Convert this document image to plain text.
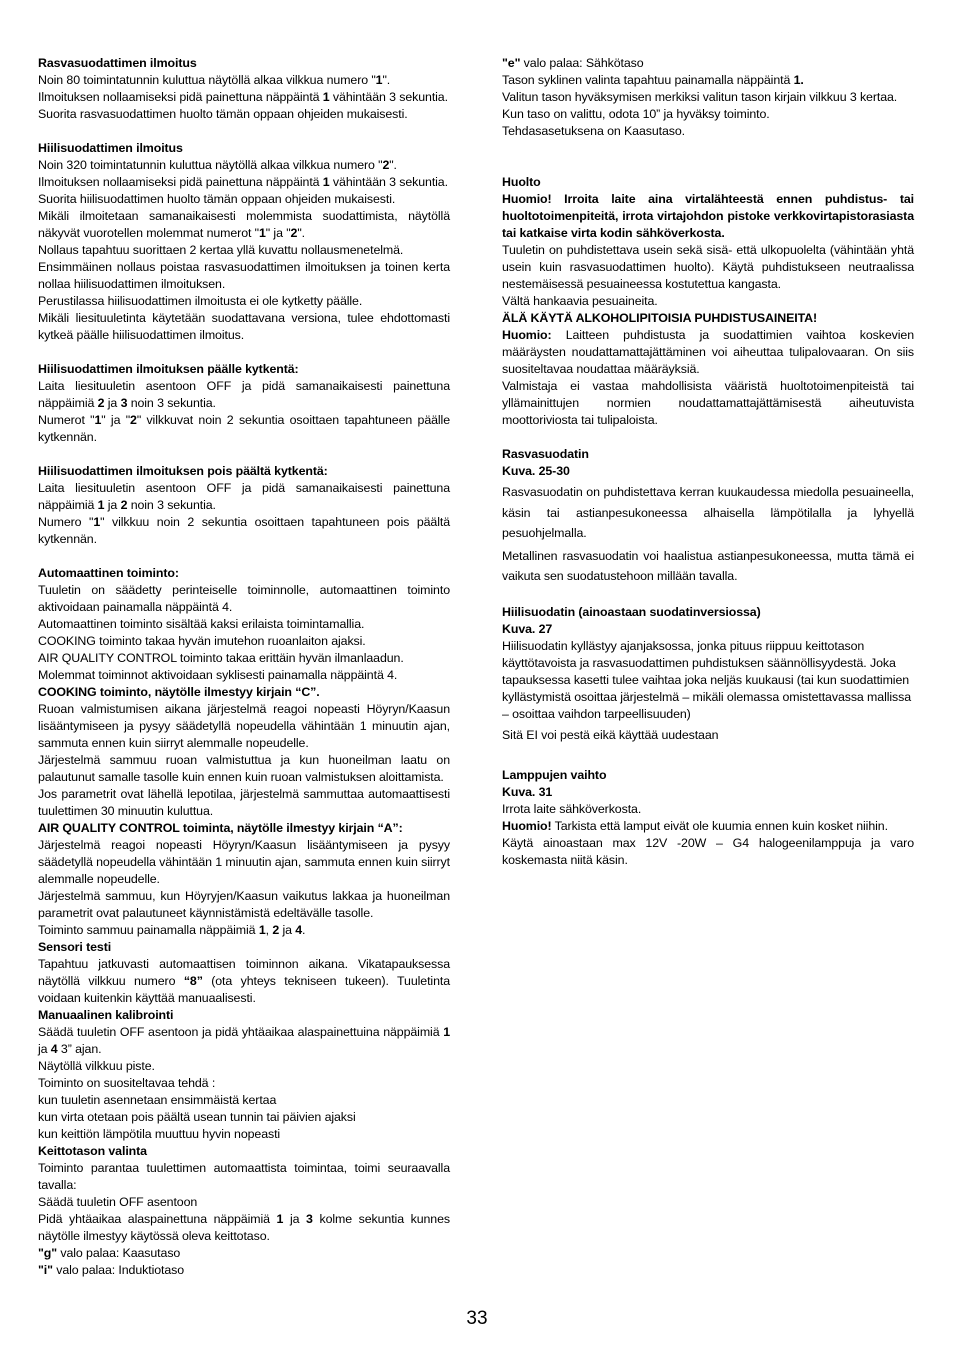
Rasvasuodattimen ilmoitus

Noin 80 toimintatunnin kuluttua näytöllä alkaa vilkkua numero "1".

Ilmoituksen nollaamiseksi pidä painettuna näppäintä 1 vähintään 3 sekuntia.

Suorita rasvasuodattimen huolto tämän oppaan ohjeiden mukaisesti.

Hiilisuodattimen ilmoitus

Noin 320 toimintatunnin kuluttua näytöllä alkaa vilkkua numero "2".

Ilmoituksen nollaamiseksi pidä painettuna näppäintä 1 vähintään 3 sekuntia.

Suorita hiilisuodattimen huolto tämän oppaan ohjeiden mukaisesti.

Mikäli ilmoitetaan samanaikaisesti molemmista suodattimista, näytöllä näkyvät vuorotellen molemmat numerot "1" ja "2".

Nollaus tapahtuu suorittaen 2 kertaa yllä kuvattu nollausmenetelmä.

Ensimmäinen nollaus poistaa rasvasuodattimen ilmoituksen ja toinen kerta nollaa hiilisuodattimen ilmoituksen.

Perustilassa hiilisuodattimen ilmoitusta ei ole kytketty päälle.

Mikäli liesituuletinta käytetään suodattavana versiona, tulee ehdottomasti kytkeä päälle hiilisuodattimen ilmoitus.

Hiilisuodattimen ilmoituksen päälle kytkentä:

Laita liesituuletin asentoon OFF ja pidä samanaikaisesti painettuna näppäimiä 2 ja 3 noin 3 sekuntia.

Numerot "1" ja "2" vilkkuvat noin 2 sekuntia osoittaen tapahtuneen päälle kytkennän.

Hiilisuodattimen ilmoituksen pois päältä kytkentä:

Laita liesituuletin asentoon OFF ja pidä samanaikaisesti painettuna näppäimiä 1 ja 2 noin 3 sekuntia.

Numero "1" vilkkuu noin 2 sekuntia osoittaen tapahtuneen pois päältä kytkennän.

Automaattinen toiminto:

Tuuletin on säädetty perinteiselle toiminnolle, automaattinen toiminto aktivoidaan painamalla näppäintä 4.

Automaattinen toiminto sisältää kaksi erilaista toimintamallia.

COOKING toiminto takaa hyvän imutehon ruoanlaiton ajaksi.

AIR QUALITY CONTROL toiminto takaa erittäin hyvän ilmanlaadun.

Molemmat toiminnot aktivoidaan syklisesti painamalla näppäintä 4.

COOKING toiminto, näytölle ilmestyy kirjain “C”.

Ruoan valmistumisen aikana järjestelmä reagoi nopeasti Höyryn/Kaasun lisääntymiseen ja pysyy säädetyllä nopeudella vähintään 1 minuutin ajan, sammuta ennen kuin siirryt alemmalle nopeudelle.

Järjestelmä sammuu ruoan valmistuttua ja kun huoneilman laatu on palautunut samalle tasolle kuin ennen kuin ruoan valmistuksen aloittamista.

Jos parametrit ovat lähellä lepotilaa, järjestelmä sammuttaa automaattisesti tuulettimen 30 minuutin kuluttua.

AIR QUALITY CONTROL toiminta, näytölle ilmestyy kirjain “A”:

Järjestelmä reagoi nopeasti Höyryn/Kaasun lisääntymiseen ja pysyy säädetyllä nopeudella vähintään 1 minuutin ajan, sammuta ennen kuin siirryt alemmalle nopeudelle.

Järjestelmä sammuu, kun Höyryjen/Kaasun vaikutus lakkaa ja huoneilman parametrit ovat palautuneet käynnistämistä edeltävälle tasolle.

Toiminto sammuu painamalla näppäimiä 1, 2 ja 4.

Sensori testi

Tapahtuu jatkuvasti automaattisen toiminnon aikana. Vikatapauksessa näytöllä vilkkuu numero “8” (ota yhteys tekniseen tukeen). Tuuletinta voidaan kuitenkin käyttää manuaalisesti.

Manuaalinen kalibrointi

Säädä tuuletin OFF asentoon ja pidä yhtäaikaa alaspainettuina näppäimiä 1 ja 4 3” ajan.

Näytöllä vilkkuu piste.

Toiminto on suositeltavaa tehdä :

kun tuuletin asennetaan ensimmäistä kertaa

kun virta otetaan pois päältä usean tunnin tai päivien ajaksi

kun keittiön lämpötila muuttuu hyvin nopeasti

Keittotason valinta

Toiminto parantaa tuulettimen automaattista toimintaa, toimi seuraavalla tavalla:

Säädä tuuletin OFF asentoon

Pidä yhtäaikaa alaspainettuna näppäimiä 1 ja 3 kolme sekuntia kunnes näytölle ilmestyy käytössä oleva keittotaso.

"g" valo palaa: Kaasutaso

"i" valo palaa: Induktiotaso

"e" valo palaa: Sähkötaso

Tason syklinen valinta tapahtuu painamalla näppäintä 1.

Valitun tason hyväksymisen merkiksi valitun tason kirjain vilkkuu 3 kertaa.

Kun taso on valittu, odota 10” ja hyväksy toiminto.

Tehdasasetuksena on Kaasutaso.

Huolto

Huomio! Irroita laite aina virtalähteestä ennen puhdistus- tai huoltotoimenpiteitä, irrota virtajohdon pistoke verkkovirtapistorasiasta tai katkaise virta kodin sähköverkosta.

Tuuletin on puhdistettava usein sekä sisä- että ulkopuolelta (vähintään yhtä usein kuin rasvasuodattimen huolto). Käytä puhdistukseen neutraalissa nestemäisessä pesuaineessa kostutettua kangasta.

Vältä hankaavia pesuaineita.

ÄLÄ KÄYTÄ ALKOHOLIPITOISIA PUHDISTUSAINEITA!

Huomio: Laitteen puhdistusta ja suodattimien vaihtoa koskevien määräysten noudattamattajättäminen voi aiheuttaa tulipalovaaran. On siis suositeltavaa noudattaa määräyksiä.

Valmistaja ei vastaa mahdollisista vääristä huoltotoimenpiteistä tai yllämainittujen normien noudattamattajättämisestä aiheutuvista moottoriviosta tai tulipaloista.

Rasvasuodatin

Kuva. 25-30

Rasvasuodatin on puhdistettava kerran kuukaudessa miedolla pesuaineella, käsin tai astianpesukoneessa alhaisella lämpötilalla ja lyhyellä pesuohjelmalla.

Metallinen rasvasuodatin voi haalistua astianpesukoneessa, mutta tämä ei vaikuta sen suodatustehoon millään tavalla.

Hiilisuodatin (ainoastaan suodatinversiossa)

Kuva. 27

Hiilisuodatin kyllästyy ajanjaksossa, jonka pituus riippuu keittotason käyttötavoista ja rasvasuodattimen puhdistuksen säännöllisyydestä. Joka tapauksessa kasetti tulee vaihtaa joka neljäs kuukausi (tai kun suodattimien kyllästymistä osoittaa järjestelmä – mikäli olemassa omistettavassa mallissa – osoittaa vaihdon tarpeellisuuden)

Sitä EI voi pestä eikä käyttää uudestaan

Lamppujen vaihto

Kuva. 31

Irrota laite sähköverkosta.

Huomio! Tarkista että lamput eivät ole kuumia ennen kuin kosket niihin.

Käytä ainoastaan max 12V -20W – G4 halogeenilamppuja ja varo koskemasta niitä käsin.

33
